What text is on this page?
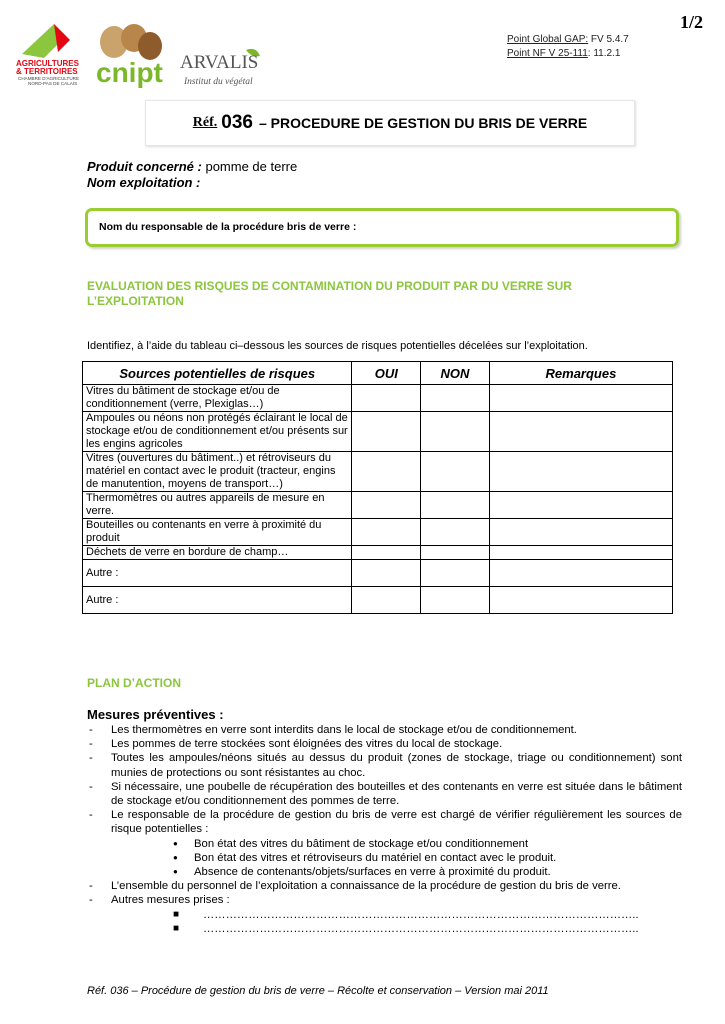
AGRICULTURES
& TERRITOIRES
CHAMBRE D'AGRICULTURE
NORD-PAS DE CALAIS cnipt ARVALIS
Institut du végétal
1/2
Point Global GAP: FV 5.4.7
Point NF V 25-111: 11.2.1
Réf. 036 – PROCEDURE DE GESTION DU BRIS DE VERRE
Produit concerné : pomme de terre
Nom exploitation :
Nom du responsable de la procédure bris de verre :
EVALUATION DES RISQUES DE CONTAMINATION DU PRODUIT PAR DU VERRE SUR
L’EXPLOITATION
Identifiez, à l’aide du tableau ci–dessous les sources de risques potentielles décelées sur l’exploitation.
Sources potentielles de risques	OUI	NON	Remarques
Vitres du bâtiment de stockage et/ou de conditionnement (verre, Plexiglas…)			
Ampoules ou néons non protégés éclairant le local de stockage et/ou de conditionnement et/ou présents sur les engins agricoles			
Vitres (ouvertures du bâtiment..) et rétroviseurs du matériel en contact avec le produit (tracteur, engins de manutention, moyens de transport…)			
Thermomètres ou autres appareils de mesure en verre.			
Bouteilles ou contenants en verre à proximité du produit			
Déchets de verre en bordure de champ…			
Autre :			
Autre :			
PLAN D’ACTION
Mesures préventives :
- Les thermomètres en verre sont interdits dans le local de stockage et/ou de conditionnement.
- Les pommes de terre stockées sont éloignées des vitres du local de stockage.
- Toutes les ampoules/néons situés au dessus du produit (zones de stockage, triage ou conditionnement) sont munies de protections ou sont résistantes au choc.
- Si nécessaire, une poubelle de récupération des bouteilles et des contenants en verre est située dans le bâtiment de stockage et/ou conditionnement des pommes de terre.
- Le responsable de la procédure de gestion du bris de verre est chargé de vérifier régulièrement les sources de risque potentielles :
● Bon état des vitres du bâtiment de stockage et/ou conditionnement
● Bon état des vitres et rétroviseurs du matériel en contact avec le produit.
● Absence de contenants/objets/surfaces en verre à proximité du produit.
- L’ensemble du personnel de l’exploitation a connaissance de la procédure de gestion du bris de verre.
- Autres mesures prises :
■ ……………………………………………………………………………………………………..
■ ……………………………………………………………………………………………………..
Réf. 036 – Procédure de gestion du bris de verre – Récolte et conservation – Version mai 2011
